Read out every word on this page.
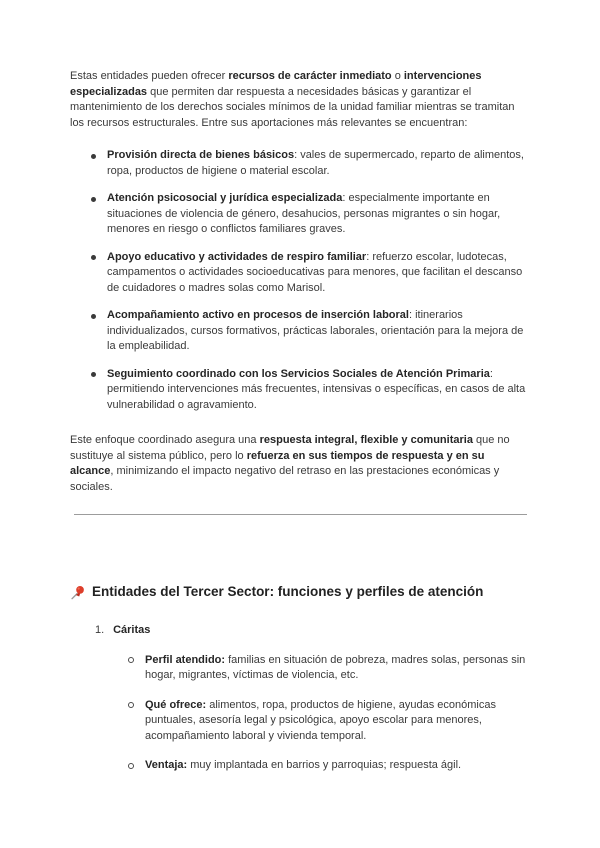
Estas entidades pueden ofrecer recursos de carácter inmediato o intervenciones especializadas que permiten dar respuesta a necesidades básicas y garantizar el mantenimiento de los derechos sociales mínimos de la unidad familiar mientras se tramitan los recursos estructurales. Entre sus aportaciones más relevantes se encuentran:

Provisión directa de bienes básicos: vales de supermercado, reparto de alimentos, ropa, productos de higiene o material escolar.
Atención psicosocial y jurídica especializada: especialmente importante en situaciones de violencia de género, desahucios, personas migrantes o sin hogar, menores en riesgo o conflictos familiares graves.
Apoyo educativo y actividades de respiro familiar: refuerzo escolar, ludotecas, campamentos o actividades socioeducativas para menores, que facilitan el descanso de cuidadores o madres solas como Marisol.
Acompañamiento activo en procesos de inserción laboral: itinerarios individualizados, cursos formativos, prácticas laborales, orientación para la mejora de la empleabilidad.
Seguimiento coordinado con los Servicios Sociales de Atención Primaria: permitiendo intervenciones más frecuentes, intensivas o específicas, en casos de alta vulnerabilidad o agravamiento.

Este enfoque coordinado asegura una respuesta integral, flexible y comunitaria que no sustituye al sistema público, pero lo refuerza en sus tiempos de respuesta y en su alcance, minimizando el impacto negativo del retraso en las prestaciones económicas y sociales.

Entidades del Tercer Sector: funciones y perfiles de atención
1. Cáritas
Perfil atendido: familias en situación de pobreza, madres solas, personas sin hogar, migrantes, víctimas de violencia, etc.
Qué ofrece: alimentos, ropa, productos de higiene, ayudas económicas puntuales, asesoría legal y psicológica, apoyo escolar para menores, acompañamiento laboral y vivienda temporal.
Ventaja: muy implantada en barrios y parroquias; respuesta ágil.
